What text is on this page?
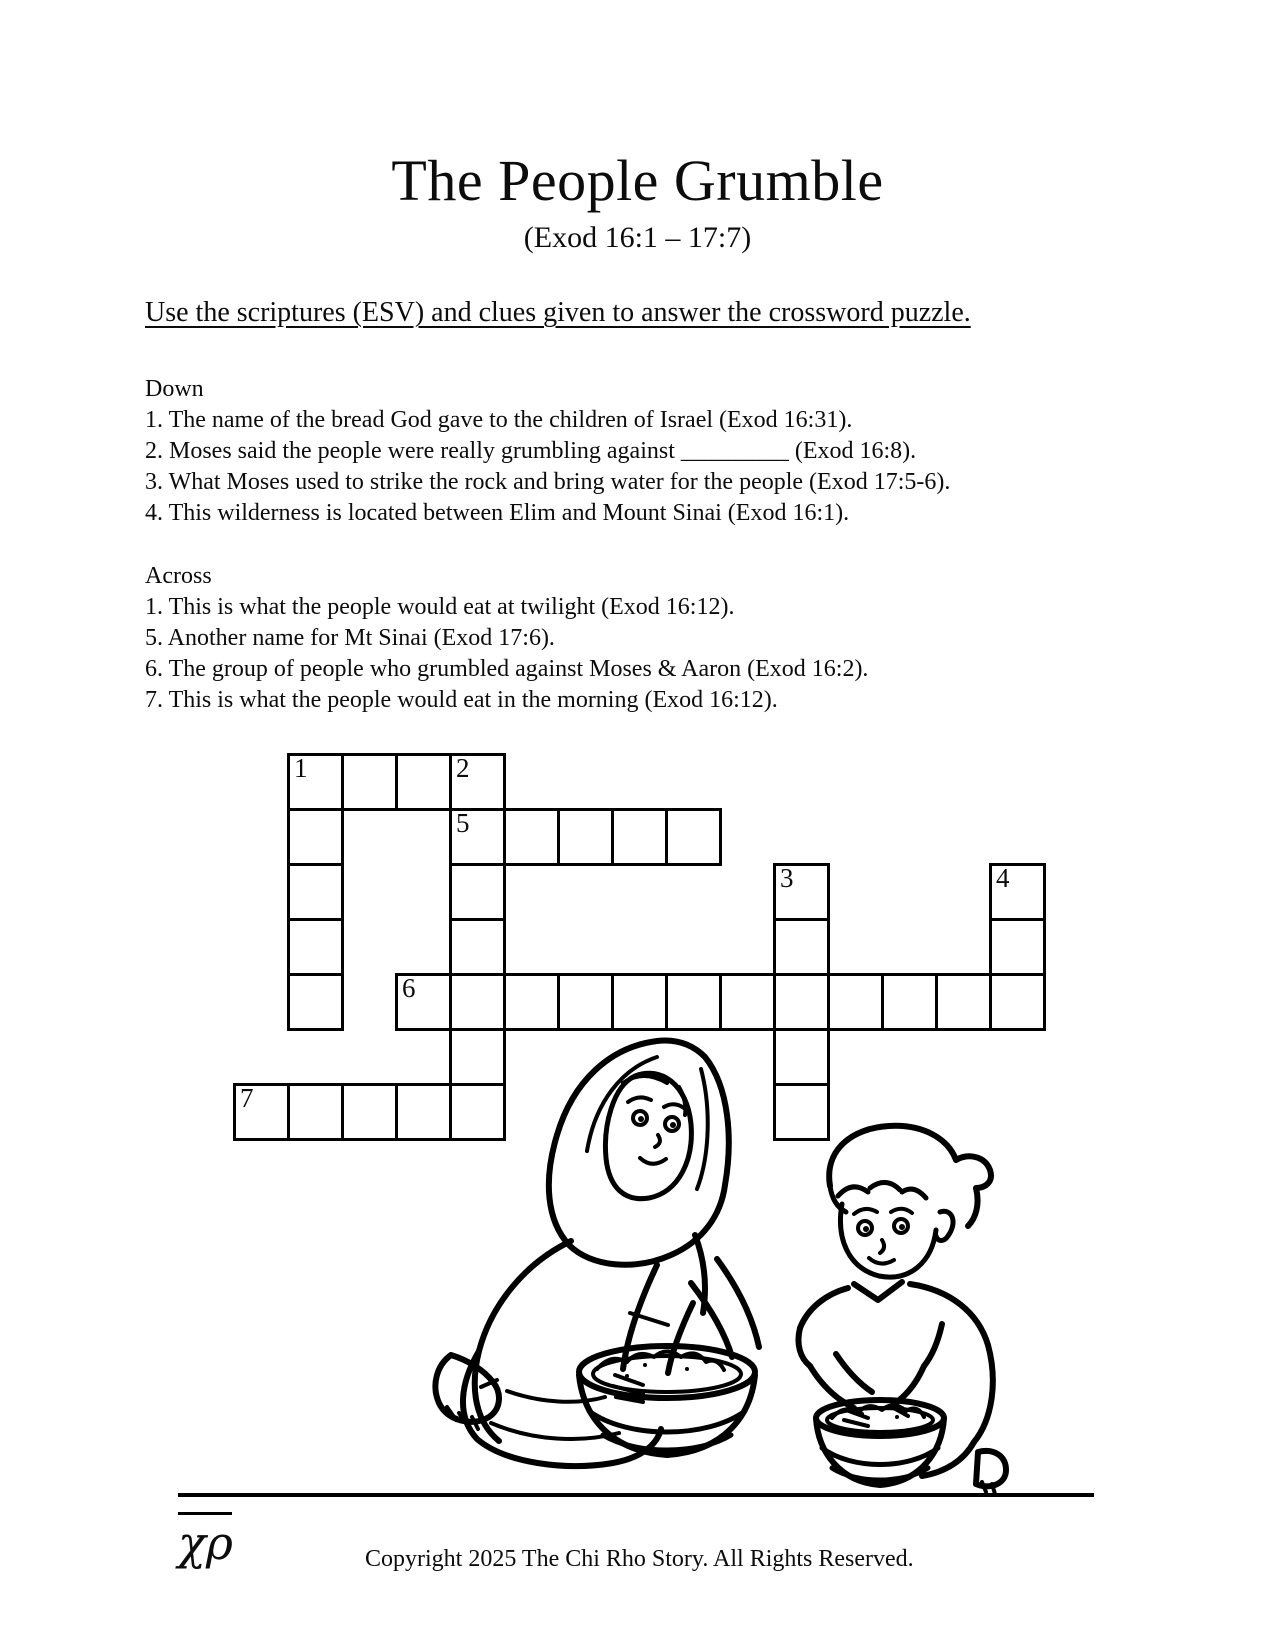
The People Grumble
(Exod 16:1 – 17:7)
Use the scriptures (ESV) and clues given to answer the crossword puzzle.
Down
1. The name of the bread God gave to the children of Israel (Exod 16:31).
2. Moses said the people were really grumbling against _________ (Exod 16:8).
3. What Moses used to strike the rock and bring water for the people (Exod 17:5-6).
4. This wilderness is located between Elim and Mount Sinai (Exod 16:1).
Across
1. This is what the people would eat at twilight (Exod 16:12).
5. Another name for Mt Sinai (Exod 17:6).
6. The group of people who grumbled against Moses & Aaron (Exod 16:2).
7. This is what the people would eat in the morning (Exod 16:12).
1	2
5
3	4
6
7
χρ	Copyright 2025 The Chi Rho Story. All Rights Reserved.
